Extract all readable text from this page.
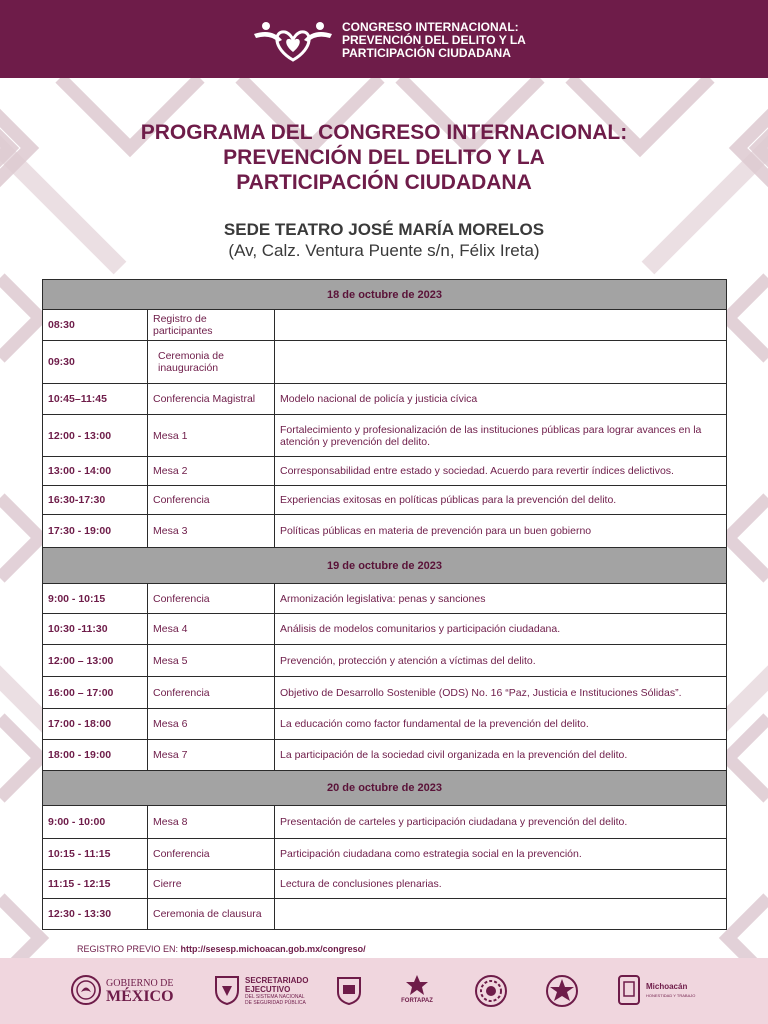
CONGRESO INTERNACIONAL:
PREVENCIÓN DEL DELITO Y LA
PARTICIPACIÓN CIUDADANA
PROGRAMA DEL CONGRESO INTERNACIONAL:
PREVENCIÓN DEL DELITO Y LA
PARTICIPACIÓN CIUDADANA
SEDE TEATRO JOSÉ MARÍA MORELOS
(Av, Calz. Ventura Puente s/n, Félix Ireta)
18 de octubre de 2023		
08:30	Registro de participantes	
09:30	Ceremonia de inauguración	
10:45–11:45	Conferencia Magistral	Modelo nacional de policía y justicia cívica
12:00 - 13:00	Mesa 1	Fortalecimiento y profesionalización de las instituciones públicas para lograr avances en la atención y prevención del delito.
13:00 - 14:00	Mesa 2	Corresponsabilidad entre estado y sociedad. Acuerdo para revertir índices delictivos.
16:30-17:30	Conferencia	Experiencias exitosas en políticas públicas para la prevención del delito.
17:30 - 19:00	Mesa 3	Políticas públicas en materia de prevención para un buen gobierno
19 de octubre de 2023		
9:00 - 10:15	Conferencia	Armonización legislativa: penas y sanciones
10:30 -11:30	Mesa 4	Análisis de modelos comunitarios y participación ciudadana.
12:00 – 13:00	Mesa 5	Prevención, protección y atención a víctimas del delito.
16:00 – 17:00	Conferencia	Objetivo de Desarrollo Sostenible (ODS) No. 16 “Paz, Justicia e Instituciones Sólidas”.
17:00 - 18:00	Mesa 6	La educación como factor fundamental de la prevención del delito.
18:00 - 19:00	Mesa 7	La participación de la sociedad civil organizada en la prevención del delito.
20 de octubre de 2023		
9:00 - 10:00	Mesa 8	Presentación de carteles y participación ciudadana y prevención del delito.
10:15 - 11:15	Conferencia	Participación ciudadana como estrategia social en la prevención.
11:15 - 12:15	Cierre	Lectura de conclusiones plenarias.
12:30 - 13:30	Ceremonia de clausura	
REGISTRO PREVIO EN: http://sesesp.michoacan.gob.mx/congreso/
GOBIERNO DE
MÉXICO
SECRETARIADO
EJECUTIVO
DEL SISTEMA NACIONAL
DE SEGURIDAD PÚBLICA	FORTAPAZ
Michoacán
HONESTIDAD Y TRABAJO
